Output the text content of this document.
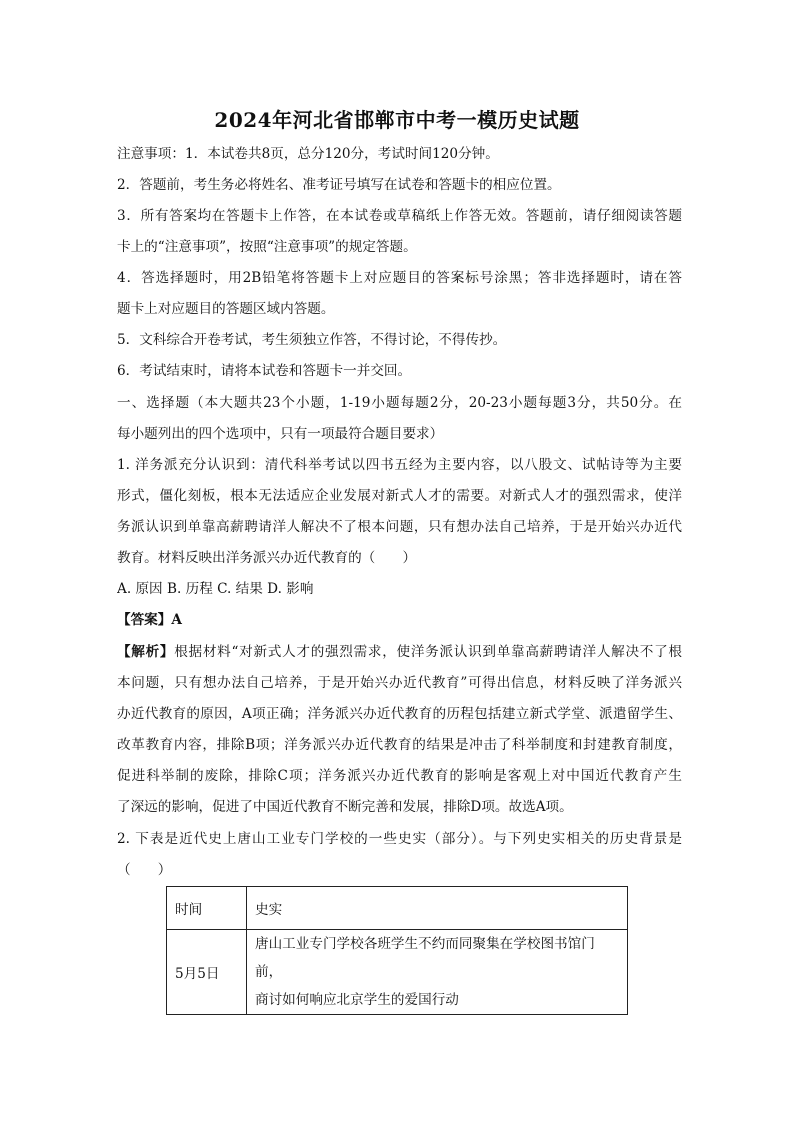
2024年河北省邯郸市中考一模历史试题
注意事项：1．本试卷共8页，总分120分，考试时间120分钟。
2．答题前，考生务必将姓名、准考证号填写在试卷和答题卡的相应位置。
3．所有答案均在答题卡上作答，在本试卷或草稿纸上作答无效。答题前，请仔细阅读答题
卡上的“注意事项”，按照“注意事项”的规定答题。
4．答选择题时，用2B铅笔将答题卡上对应题目的答案标号涂黑；答非选择题时，请在答
题卡上对应题目的答题区域内答题。
5．文科综合开卷考试，考生须独立作答，不得讨论，不得传抄。
6．考试结束时，请将本试卷和答题卡一并交回。
一、选择题（本大题共23个小题，1-19小题每题2分，20-23小题每题3分，共50分。在
每小题列出的四个选项中，只有一项最符合题目要求）
1. 洋务派充分认识到：清代科举考试以四书五经为主要内容，以八股文、试帖诗等为主要
形式，僵化刻板，根本无法适应企业发展对新式人才的需要。对新式人才的强烈需求，使洋
务派认识到单靠高薪聘请洋人解决不了根本问题，只有想办法自己培养，于是开始兴办近代
教育。材料反映出洋务派兴办近代教育的（　　）
A. 原因 B. 历程 C. 结果 D. 影响
【答案】A
【解析】根据材料“对新式人才的强烈需求，使洋务派认识到单靠高薪聘请洋人解决不了根
本问题，只有想办法自己培养，于是开始兴办近代教育”可得出信息，材料反映了洋务派兴
办近代教育的原因，A项正确；洋务派兴办近代教育的历程包括建立新式学堂、派遣留学生、
改革教育内容，排除B项；洋务派兴办近代教育的结果是冲击了科举制度和封建教育制度，
促进科举制的废除，排除C项；洋务派兴办近代教育的影响是客观上对中国近代教育产生
了深远的影响，促进了中国近代教育不断完善和发展，排除D项。故选A项。
2. 下表是近代史上唐山工业专门学校的一些史实（部分）。与下列史实相关的历史背景是
（　　）
时间	史实
5月5日	唐山工业专门学校各班学生不约而同聚集在学校图书馆门前，
商讨如何响应北京学生的爱国行动
